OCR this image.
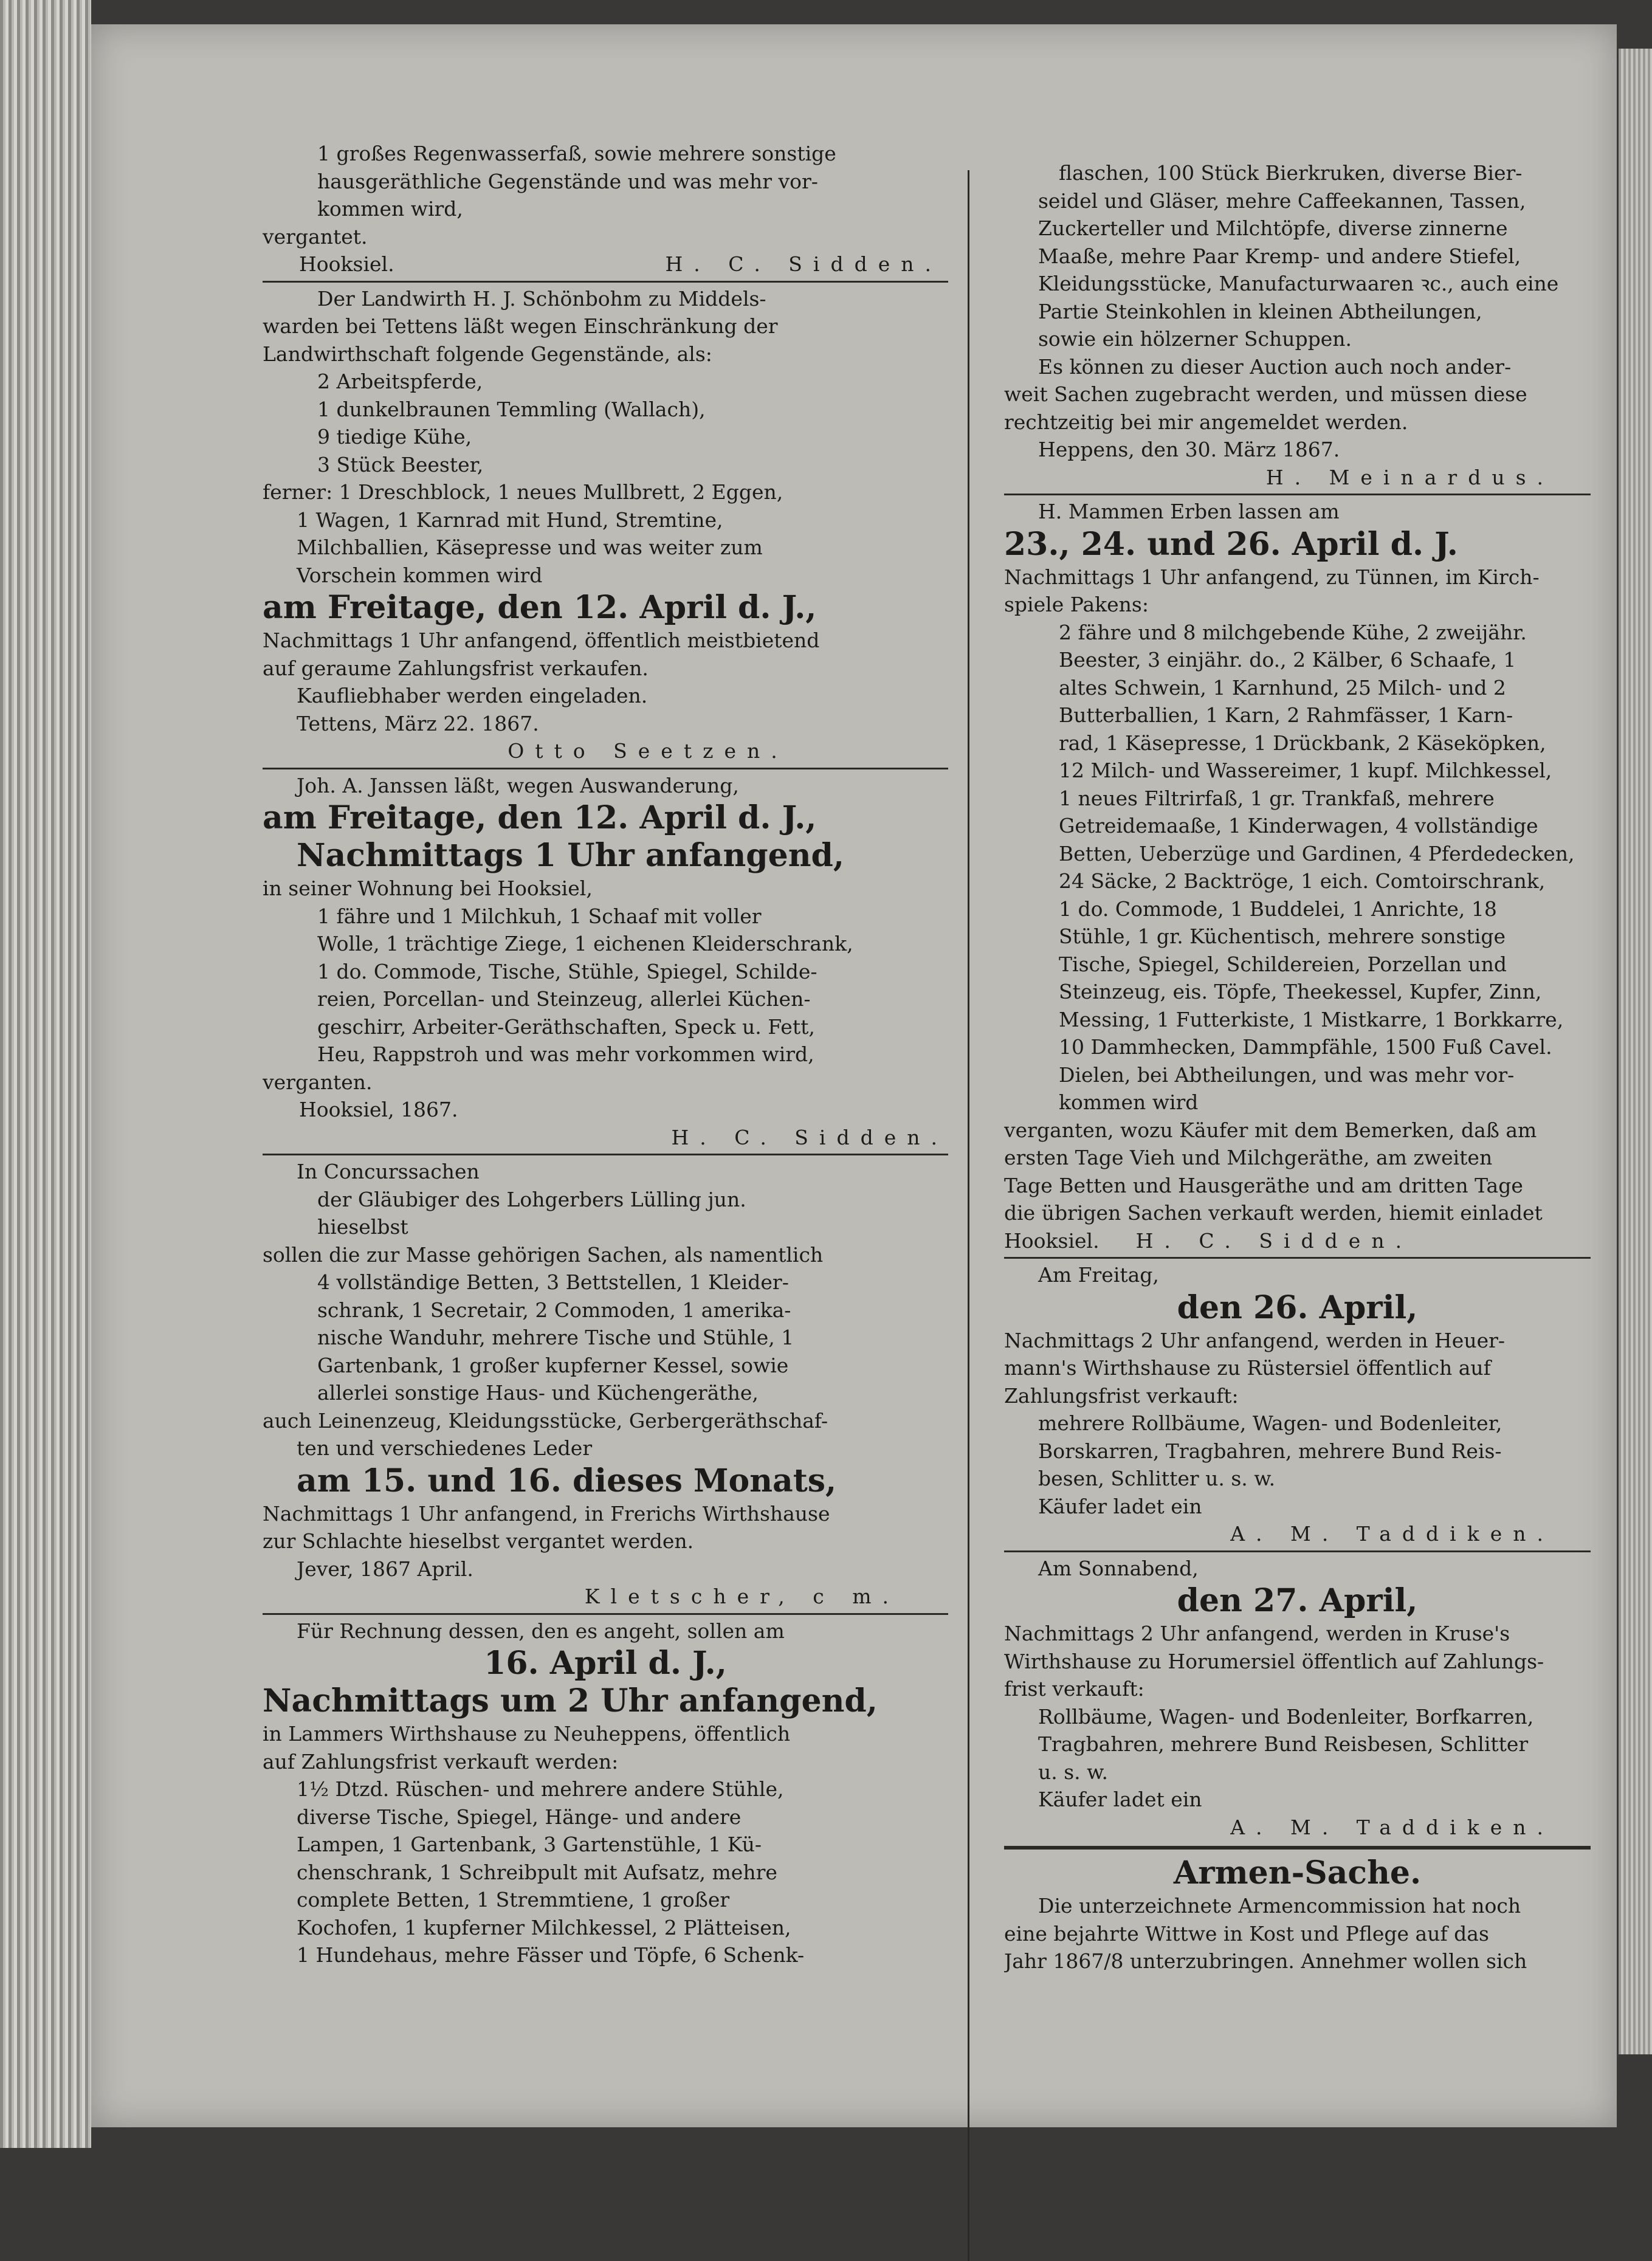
1 großes Regenwasserfaß, sowie mehrere sonstige
hausgeräthliche Gegenstände und was mehr vor-
kommen wird,
vergantet.
Hooksiel.	H. C. Sidden.
Der Landwirth H. J. Schönbohm zu Middels-
warden bei Tettens läßt wegen Einschränkung der
Landwirthschaft folgende Gegenstände, als:
2 Arbeitspferde,
1 dunkelbraunen Temmling (Wallach),
9 tiedige Kühe,
3 Stück Beester,
ferner: 1 Dreschblock, 1 neues Mullbrett, 2 Eggen,
1 Wagen, 1 Karnrad mit Hund, Stremtine,
Milchballien, Käsepresse und was weiter zum
Vorschein kommen wird
am Freitage, den 12. April d. J.,
Nachmittags 1 Uhr anfangend, öffentlich meistbietend
auf geraume Zahlungsfrist verkaufen.
Kaufliebhaber werden eingeladen.
Tettens, März 22. 1867.
Otto Seetzen.
Joh. A. Janssen läßt, wegen Auswanderung,
am Freitage, den 12. April d. J.,
Nachmittags 1 Uhr anfangend,
in seiner Wohnung bei Hooksiel,
1 fähre und 1 Milchkuh, 1 Schaaf mit voller
Wolle, 1 trächtige Ziege, 1 eichenen Kleiderschrank,
1 do. Commode, Tische, Stühle, Spiegel, Schilde-
reien, Porcellan- und Steinzeug, allerlei Küchen-
geschirr, Arbeiter-Geräthschaften, Speck u. Fett,
Heu, Rappstroh und was mehr vorkommen wird,
verganten.
Hooksiel, 1867.
H. C. Sidden.
In Concurssachen
der Gläubiger des Lohgerbers Lülling jun.
hieselbst
sollen die zur Masse gehörigen Sachen, als namentlich
4 vollständige Betten, 3 Bettstellen, 1 Kleider-
schrank, 1 Secretair, 2 Commoden, 1 amerika-
nische Wanduhr, mehrere Tische und Stühle, 1
Gartenbank, 1 großer kupferner Kessel, sowie
allerlei sonstige Haus- und Küchengeräthe,
auch Leinenzeug, Kleidungsstücke, Gerbergeräthschaf-
ten und verschiedenes Leder
am 15. und 16. dieses Monats,
Nachmittags 1 Uhr anfangend, in Frerichs Wirthshause
zur Schlachte hieselbst vergantet werden.
Jever, 1867 April.
Kletscher, c m.
Für Rechnung dessen, den es angeht, sollen am
16. April d. J.,
Nachmittags um 2 Uhr anfangend,
in Lammers Wirthshause zu Neuheppens, öffentlich
auf Zahlungsfrist verkauft werden:
1½ Dtzd. Rüschen- und mehrere andere Stühle,
diverse Tische, Spiegel, Hänge- und andere
Lampen, 1 Gartenbank, 3 Gartenstühle, 1 Kü-
chenschrank, 1 Schreibpult mit Aufsatz, mehre
complete Betten, 1 Stremmtiene, 1 großer
Kochofen, 1 kupferner Milchkessel, 2 Plätteisen,
1 Hundehaus, mehre Fässer und Töpfe, 6 Schenk-
flaschen, 100 Stück Bierkruken, diverse Bier-
seidel und Gläser, mehre Caffeekannen, Tassen,
Zuckerteller und Milchtöpfe, diverse zinnerne
Maaße, mehre Paar Kremp- und andere Stiefel,
Kleidungsstücke, Manufacturwaaren ꝛc., auch eine
Partie Steinkohlen in kleinen Abtheilungen,
sowie ein hölzerner Schuppen.
Es können zu dieser Auction auch noch ander-
weit Sachen zugebracht werden, und müssen diese
rechtzeitig bei mir angemeldet werden.
Heppens, den 30. März 1867.
H. Meinardus.
H. Mammen Erben lassen am
23., 24. und 26. April d. J.
Nachmittags 1 Uhr anfangend, zu Tünnen, im Kirch-
spiele Pakens:
2 fähre und 8 milchgebende Kühe, 2 zweijähr.
Beester, 3 einjähr. do., 2 Kälber, 6 Schaafe, 1
altes Schwein, 1 Karnhund, 25 Milch- und 2
Butterballien, 1 Karn, 2 Rahmfässer, 1 Karn-
rad, 1 Käsepresse, 1 Drückbank, 2 Käseköpken,
12 Milch- und Wassereimer, 1 kupf. Milchkessel,
1 neues Filtrirfaß, 1 gr. Trankfaß, mehrere
Getreidemaaße, 1 Kinderwagen, 4 vollständige
Betten, Ueberzüge und Gardinen, 4 Pferdedecken,
24 Säcke, 2 Backtröge, 1 eich. Comtoirschrank,
1 do. Commode, 1 Buddelei, 1 Anrichte, 18
Stühle, 1 gr. Küchentisch, mehrere sonstige
Tische, Spiegel, Schildereien, Porzellan und
Steinzeug, eis. Töpfe, Theekessel, Kupfer, Zinn,
Messing, 1 Futterkiste, 1 Mistkarre, 1 Borkkarre,
10 Dammhecken, Dammpfähle, 1500 Fuß Cavel.
Dielen, bei Abtheilungen, und was mehr vor-
kommen wird
verganten, wozu Käufer mit dem Bemerken, daß am
ersten Tage Vieh und Milchgeräthe, am zweiten
Tage Betten und Hausgeräthe und am dritten Tage
die übrigen Sachen verkauft werden, hiemit einladet
Hooksiel. H. C. Sidden.
Am Freitag,
den 26. April,
Nachmittags 2 Uhr anfangend, werden in Heuer-
mann's Wirthshause zu Rüstersiel öffentlich auf
Zahlungsfrist verkauft:
mehrere Rollbäume, Wagen- und Bodenleiter,
Borskarren, Tragbahren, mehrere Bund Reis-
besen, Schlitter u. s. w.
Käufer ladet ein
A. M. Taddiken.
Am Sonnabend,
den 27. April,
Nachmittags 2 Uhr anfangend, werden in Kruse's
Wirthshause zu Horumersiel öffentlich auf Zahlungs-
frist verkauft:
Rollbäume, Wagen- und Bodenleiter, Borfkarren,
Tragbahren, mehrere Bund Reisbesen, Schlitter
u. s. w.
Käufer ladet ein
A. M. Taddiken.
Armen-Sache.
Die unterzeichnete Armencommission hat noch
eine bejahrte Wittwe in Kost und Pflege auf das
Jahr 1867/8 unterzubringen. Annehmer wollen sich
